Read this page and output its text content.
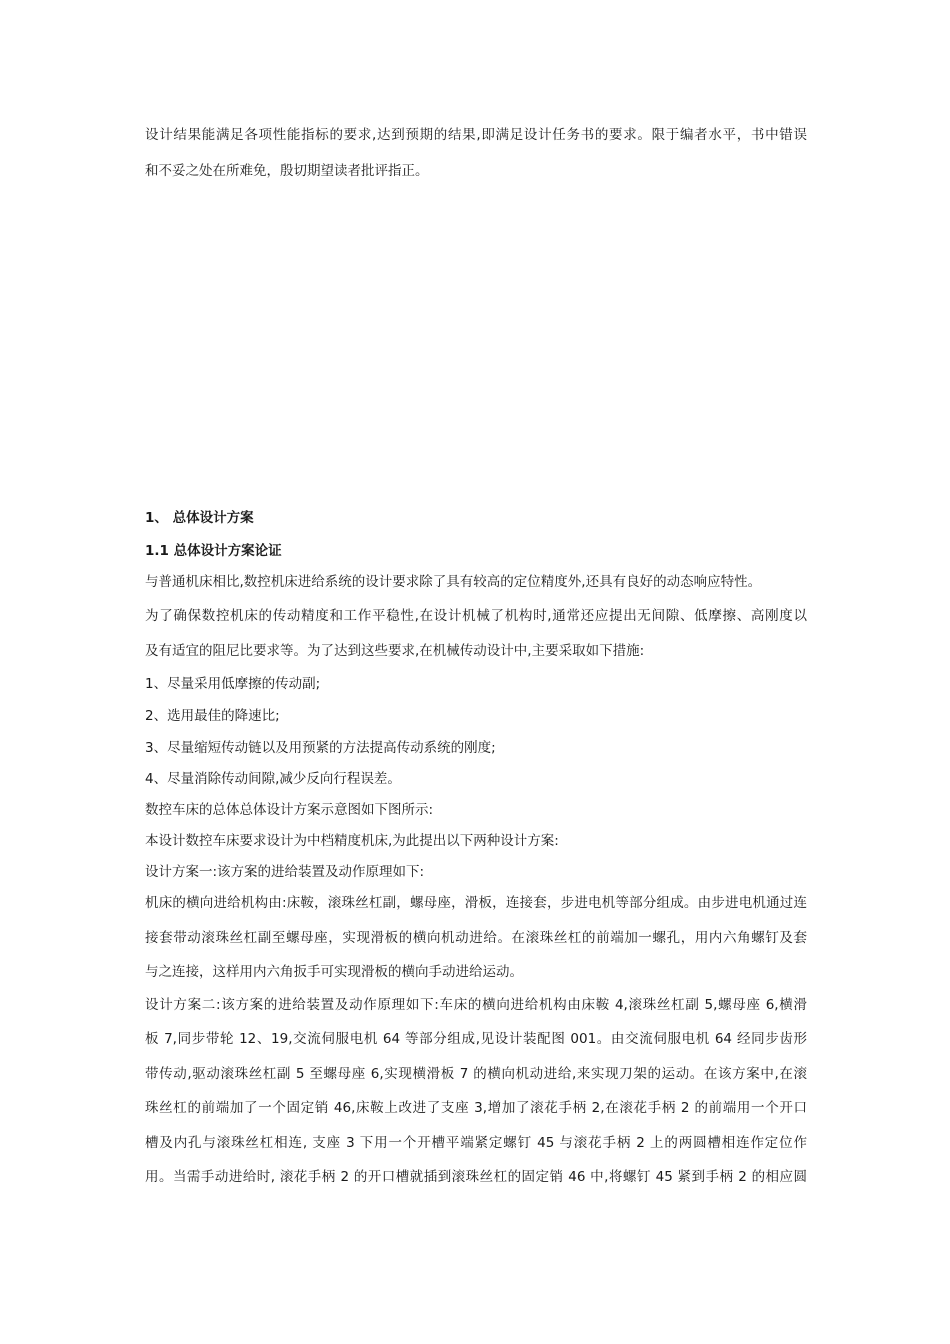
设计结果能满足各项性能指标的要求,达到预期的结果,即满足设计任务书的要求。限于编者水平，书中错误
和不妥之处在所难免，殷切期望读者批评指正。
1、 总体设计方案
1.1 总体设计方案论证
与普通机床相比,数控机床进给系统的设计要求除了具有较高的定位精度外,还具有良好的动态响应特性。
为了确保数控机床的传动精度和工作平稳性,在设计机械了机构时,通常还应提出无间隙、低摩擦、高刚度以
及有适宜的阻尼比要求等。为了达到这些要求,在机械传动设计中,主要采取如下措施:
1、尽量采用低摩擦的传动副;
2、选用最佳的降速比;
3、尽量缩短传动链以及用预紧的方法提高传动系统的刚度;
4、尽量消除传动间隙,减少反向行程误差。
数控车床的总体总体设计方案示意图如下图所示:
本设计数控车床要求设计为中档精度机床,为此提出以下两种设计方案:
设计方案一:该方案的进给装置及动作原理如下:
机床的横向进给机构由:床鞍，滚珠丝杠副，螺母座，滑板，连接套，步进电机等部分组成。由步进电机通过连
接套带动滚珠丝杠副至螺母座，实现滑板的横向机动进给。在滚珠丝杠的前端加一螺孔，用内六角螺钉及套
与之连接，这样用内六角扳手可实现滑板的横向手动进给运动。
设计方案二:该方案的进给装置及动作原理如下:车床的横向进给机构由床鞍 4,滚珠丝杠副 5,螺母座 6,横滑
板 7,同步带轮 12、19,交流伺服电机 64 等部分组成,见设计装配图 001。由交流伺服电机 64 经同步齿形
带传动,驱动滚珠丝杠副 5 至螺母座 6,实现横滑板 7 的横向机动进给,来实现刀架的运动。在该方案中,在滚
珠丝杠的前端加了一个固定销 46,床鞍上改进了支座 3,增加了滚花手柄 2,在滚花手柄 2 的前端用一个开口
槽及内孔与滚珠丝杠相连, 支座 3 下用一个开槽平端紧定螺钉 45 与滚花手柄 2 上的两圆槽相连作定位作
用。当需手动进给时, 滚花手柄 2 的开口槽就插到滚珠丝杠的固定销 46 中,将螺钉 45 紧到手柄 2 的相应圆
